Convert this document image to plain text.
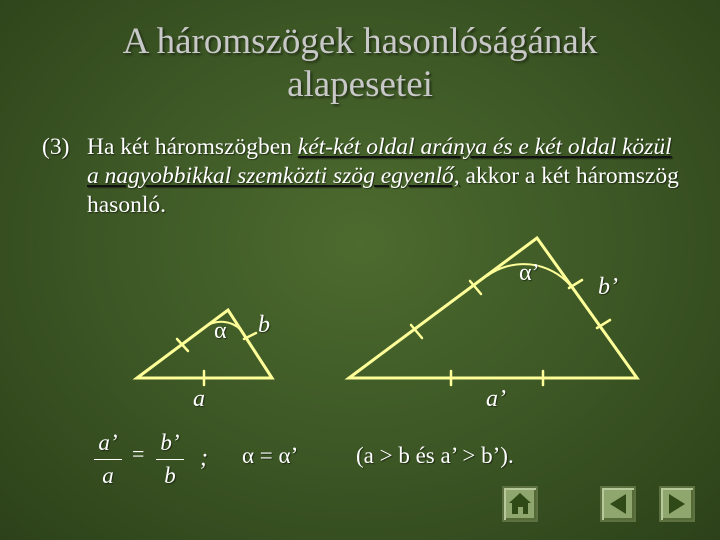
A háromszögek hasonlóságának
alapesetei
(3) Ha két háromszögben két-két oldal aránya és e két oldal közül a nagyobbikkal szemközti szög egyenlő, akkor a két háromszög hasonló.
α b
a
α’
b’
a’
a’
a
= b’
b
; α = α’	(a > b és a’ > b’).
